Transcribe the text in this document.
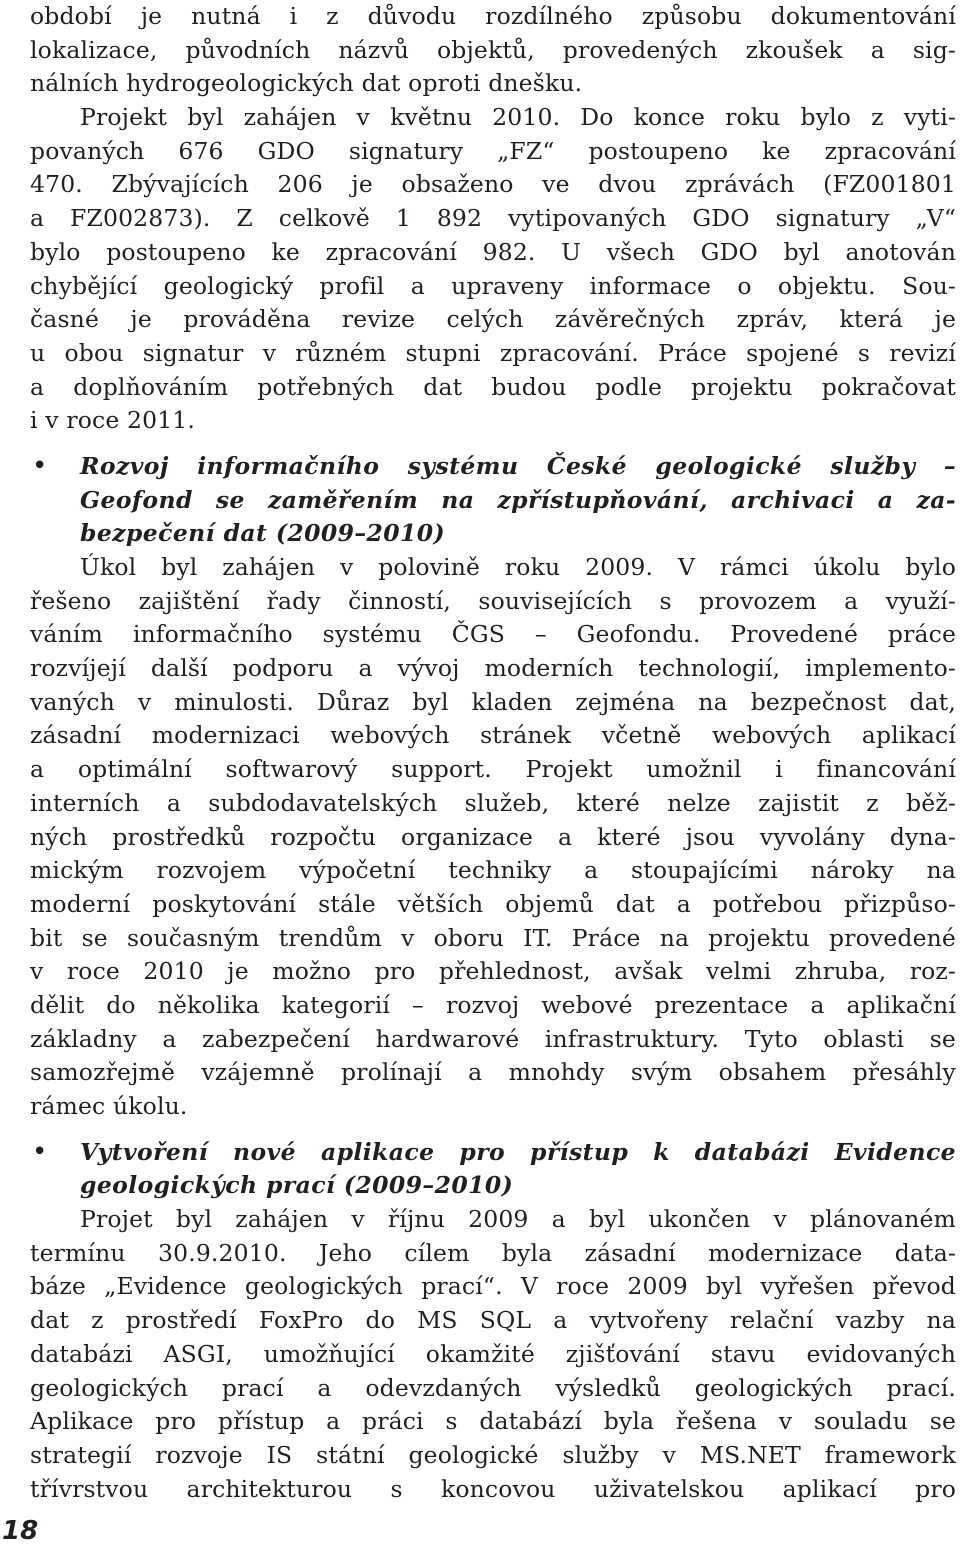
období je nutná i z důvodu rozdílného způsobu dokumentování
lokalizace, původních názvů objektů, provedených zkoušek a sig-
nálních hydrogeologických dat oproti dnešku.
Projekt byl zahájen v květnu 2010. Do konce roku bylo z vyti-
povaných 676 GDO signatury „FZ“ postoupeno ke zpracování
470. Zbývajících 206 je obsaženo ve dvou zprávách (FZ001801
a FZ002873). Z celkově 1 892 vytipovaných GDO signatury „V“
bylo postoupeno ke zpracování 982. U všech GDO byl anotován
chybějící geologický profil a upraveny informace o objektu. Sou-
časné je prováděna revize celých závěrečných zpráv, která je
u obou signatur v různém stupni zpracování. Práce spojené s revizí
a doplňováním potřebných dat budou podle projektu pokračovat
i v roce 2011.
•	Rozvoj informačního systému České geologické služby –
Geofond se zaměřením na zpřístupňování, archivaci a za-
bezpečení dat (2009–2010)
Úkol byl zahájen v polovině roku 2009. V rámci úkolu bylo
řešeno zajištění řady činností, souvisejících s provozem a využí-
váním informačního systému ČGS – Geofondu. Provedené práce
rozvíjejí další podporu a vývoj moderních technologií, implemento-
vaných v minulosti. Důraz byl kladen zejména na bezpečnost dat,
zásadní modernizaci webových stránek včetně webových aplikací
a optimální softwarový support. Projekt umožnil i financování
interních a subdodavatelských služeb, které nelze zajistit z běž-
ných prostředků rozpočtu organizace a které jsou vyvolány dyna-
mickým rozvojem výpočetní techniky a stoupajícími nároky na
moderní poskytování stále větších objemů dat a potřebou přizpůso-
bit se současným trendům v oboru IT. Práce na projektu provedené
v roce 2010 je možno pro přehlednost, avšak velmi zhruba, roz-
dělit do několika kategorií – rozvoj webové prezentace a aplikační
základny a zabezpečení hardwarové infrastruktury. Tyto oblasti se
samozřejmě vzájemně prolínají a mnohdy svým obsahem přesáhly
rámec úkolu.
•	Vytvoření nové aplikace pro přístup k databázi Evidence
geologických prací (2009–2010)
Projet byl zahájen v říjnu 2009 a byl ukončen v plánovaném
termínu 30.9.2010. Jeho cílem byla zásadní modernizace data-
báze „Evidence geologických prací“. V roce 2009 byl vyřešen převod
dat z prostředí FoxPro do MS SQL a vytvořeny relační vazby na
databázi ASGI, umožňující okamžité zjišťování stavu evidovaných
geologických prací a odevzdaných výsledků geologických prací.
Aplikace pro přístup a práci s databází byla řešena v souladu se
strategií rozvoje IS státní geologické služby v MS.NET framework
třívrstvou architekturou s koncovou uživatelskou aplikací pro
18
